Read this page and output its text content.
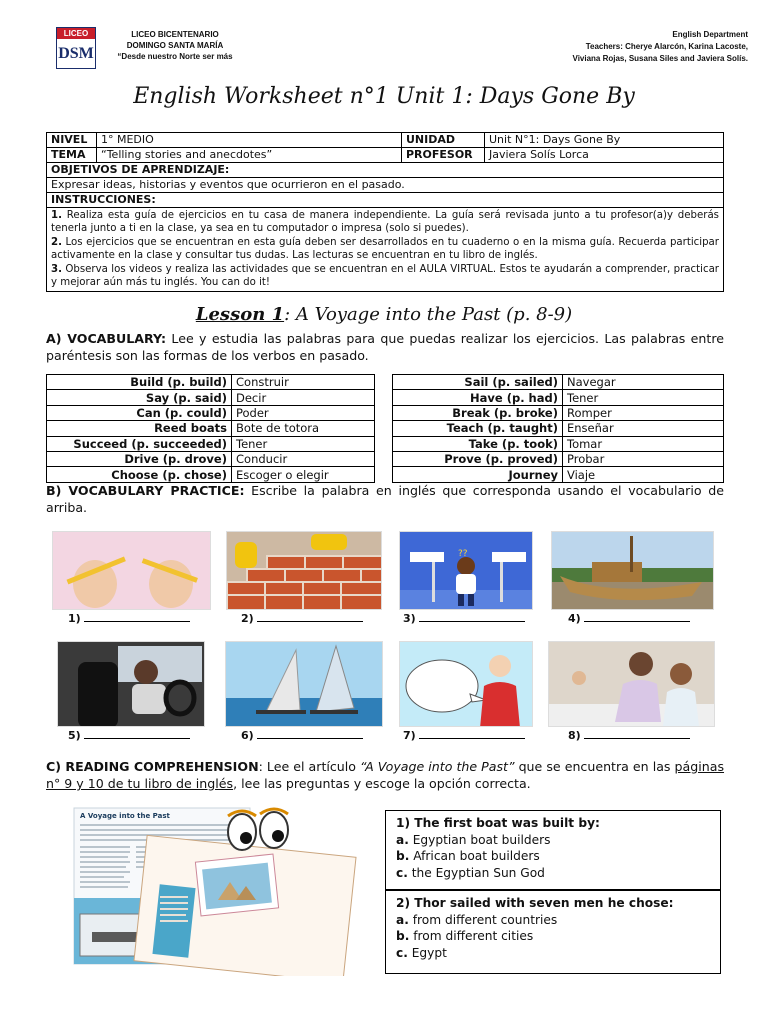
LICEO
DSM
LICEO BICENTENARIO
DOMINGO SANTA MARÍA
“Desde nuestro Norte ser más
English Department
Teachers: Cherye Alarcón, Karina Lacoste,
Viviana Rojas, Susana Siles and Javiera Solís.
English Worksheet n°1 Unit 1: Days Gone By
NIVEL	1° MEDIO	UNIDAD	Unit N°1: Days Gone By
TEMA	“Telling stories and anecdotes”	PROFESOR	Javiera Solís Lorca
OBJETIVOS DE APRENDIZAJE:
Expresar ideas, historias y eventos que ocurrieron en el pasado.
INSTRUCCIONES:
1. Realiza esta guía de ejercicios en tu casa de manera independiente. La guía será revisada junto a tu profesor(a)y deberás tenerla junto a ti en la clase, ya sea en tu computador o impresa (solo si puedes).
2. Los ejercicios que se encuentran en esta guía deben ser desarrollados en tu cuaderno o en la misma guía. Recuerda participar activamente en la clase y consultar tus dudas. Las lecturas se encuentran en tu libro de inglés.
3. Observa los videos y realiza las actividades que se encuentran en el AULA VIRTUAL. Estos te ayudarán a comprender, practicar y mejorar aún más tu inglés. You can do it!
Lesson 1: A Voyage into the Past (p. 8-9)
A) VOCABULARY: Lee y estudia las palabras para que puedas realizar los ejercicios. Las palabras entre paréntesis son las formas de los verbos en pasado.
Build (p. build)	Construir
Say (p. said)	Decir
Can (p. could)	Poder
Reed boats	Bote de totora
Succeed (p. succeeded)	Tener
Drive (p. drove)	Conducir
Choose (p. chose)	Escoger o elegir
Sail (p. sailed)	Navegar
Have (p. had)	Tener
Break (p. broke)	Romper
Teach (p. taught)	Enseñar
Take (p. took)	Tomar
Prove (p. proved)	Probar
Journey	Viaje
B) VOCABULARY PRACTICE: Escribe la palabra en inglés que corresponda usando el vocabulario de arriba.
??
1)	2)	3)	4)
5)	6)	7)	8)
C) READING COMPREHENSION: Lee el artículo “A Voyage into the Past” que se encuentra en las páginas n° 9 y 10 de tu libro de inglés, lee las preguntas y escoge la opción correcta.
A Voyage into the Past	1) The first boat was built by:
a. Egyptian boat builders
b. African boat builders
c. the Egyptian Sun God
2) Thor sailed with seven men he chose:
a. from different countries
b. from different cities
c. Egypt
